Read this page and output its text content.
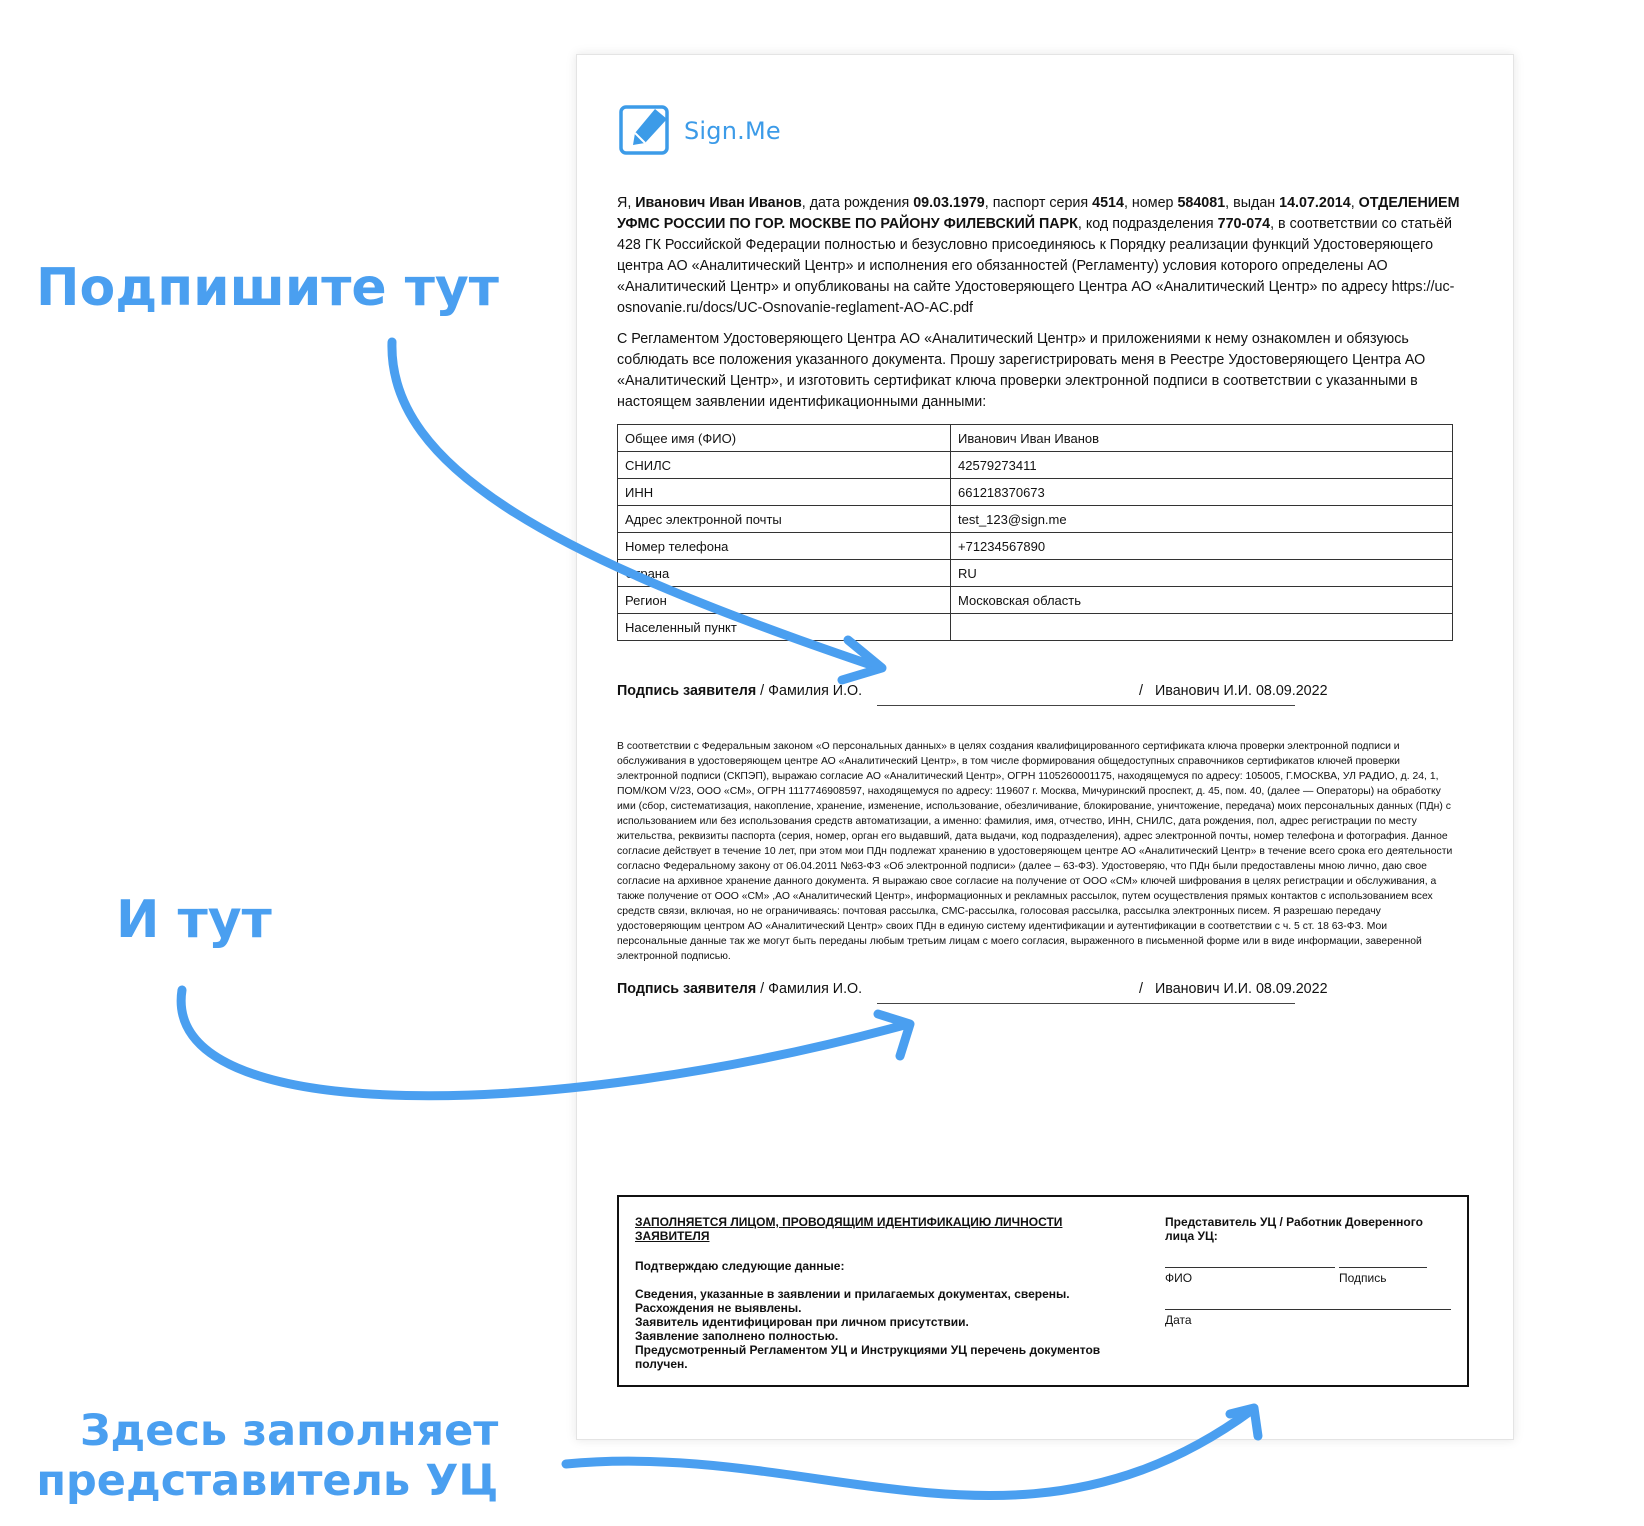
Sign.Me

Я, Иванович Иван Иванов, дата рождения 09.03.1979, паспорт серия 4514, номер 584081, выдан 14.07.2014, ОТДЕЛЕНИЕМ УФМС РОССИИ ПО ГОР. МОСКВЕ ПО РАЙОНУ ФИЛЕВСКИЙ ПАРК, код подразделения 770-074, в соответствии со статьёй 428 ГК Российской Федерации полностью и безусловно присоединяюсь к Порядку реализации функций Удостоверяющего центра АО «Аналитический Центр» и исполнения его обязанностей (Регламенту) условия которого определены АО «Аналитический Центр» и опубликованы на сайте Удостоверяющего Центра АО «Аналитический Центр» по адресу https://uc-osnovanie.ru/docs/UC-Osnovanie-reglament-AO-AC.pdf

С Регламентом Удостоверяющего Центра АО «Аналитический Центр» и приложениями к нему ознакомлен и обязуюсь соблюдать все положения указанного документа. Прошу зарегистрировать меня в Реестре Удостоверяющего Центра АО «Аналитический Центр», и изготовить сертификат ключа проверки электронной подписи в соответствии с указанными в настоящем заявлении идентификационными данными:

Общее имя (ФИО)	Иванович Иван Иванов
СНИЛС	42579273411
ИНН	661218370673
Адрес электронной почты	test_123@sign.me
Номер телефона	+71234567890
Страна	RU
Регион	Московская область
Населенный пункт	
Подпись заявителя / Фамилия И.О.	/ Иванович И.И. 08.09.2022

В соответствии с Федеральным законом «О персональных данных» в целях создания квалифицированного сертификата ключа проверки электронной подписи и обслуживания в удостоверяющем центре АО «Аналитический Центр», в том числе формирования общедоступных справочников сертификатов ключей проверки электронной подписи (СКПЭП), выражаю согласие АО «Аналитический Центр», ОГРН 1105260001175, находящемуся по адресу: 105005, Г.МОСКВА, УЛ РАДИО, д. 24, 1, ПОМ/КОМ V/23, ООО «СМ», ОГРН 1117746908597, находящемуся по адресу: 119607 г. Москва, Мичуринский проспект, д. 45, пом. 40, (далее — Операторы) на обработку ими (сбор, систематизация, накопление, хранение, изменение, использование, обезличивание, блокирование, уничтожение, передача) моих персональных данных (ПДн) с использованием или без использования средств автоматизации, а именно: фамилия, имя, отчество, ИНН, СНИЛС, дата рождения, пол, адрес регистрации по месту жительства, реквизиты паспорта (серия, номер, орган его выдавший, дата выдачи, код подразделения), адрес электронной почты, номер телефона и фотография. Данное согласие действует в течение 10 лет, при этом мои ПДн подлежат хранению в удостоверяющем центре АО «Аналитический Центр» в течение всего срока его деятельности согласно Федеральному закону от 06.04.2011 №63-ФЗ «Об электронной подписи» (далее – 63-ФЗ). Удостоверяю, что ПДн были предоставлены мною лично, даю свое согласие на архивное хранение данного документа. Я выражаю свое согласие на получение от ООО «СМ» ключей шифрования в целях регистрации и обслуживания, а также получение от ООО «СМ» ,АО «Аналитический Центр», информационных и рекламных рассылок, путем осуществления прямых контактов с использованием всех средств связи, включая, но не ограничиваясь: почтовая рассылка, СМС-рассылка, голосовая рассылка, рассылка электронных писем. Я разрешаю передачу удостоверяющим центром АО «Аналитический Центр» своих ПДн в единую систему идентификации и аутентификации в соответствии с ч. 5 ст. 18 63-ФЗ. Мои персональные данные так же могут быть переданы любым третьим лицам с моего согласия, выраженного в письменной форме или в виде информации, заверенной электронной подписью.

Подпись заявителя / Фамилия И.О.	/ Иванович И.И. 08.09.2022
ЗАПОЛНЯЕТСЯ ЛИЦОМ, ПРОВОДЯЩИМ ИДЕНТИФИКАЦИЮ ЛИЧНОСТИ ЗАЯВИТЕЛЯ
Подтверждаю следующие данные:
Сведения, указанные в заявлении и прилагаемых документах, сверены.
Расхождения не выявлены.
Заявитель идентифицирован при личном присутствии.
Заявление заполнено полностью.
Предусмотренный Регламентом УЦ и Инструкциями УЦ перечень документов получен.
Представитель УЦ / Работник Доверенного лица УЦ:
ФИО	Подпись
Дата
Подпишите тут
И тут
Здесь заполняет
представитель УЦ
